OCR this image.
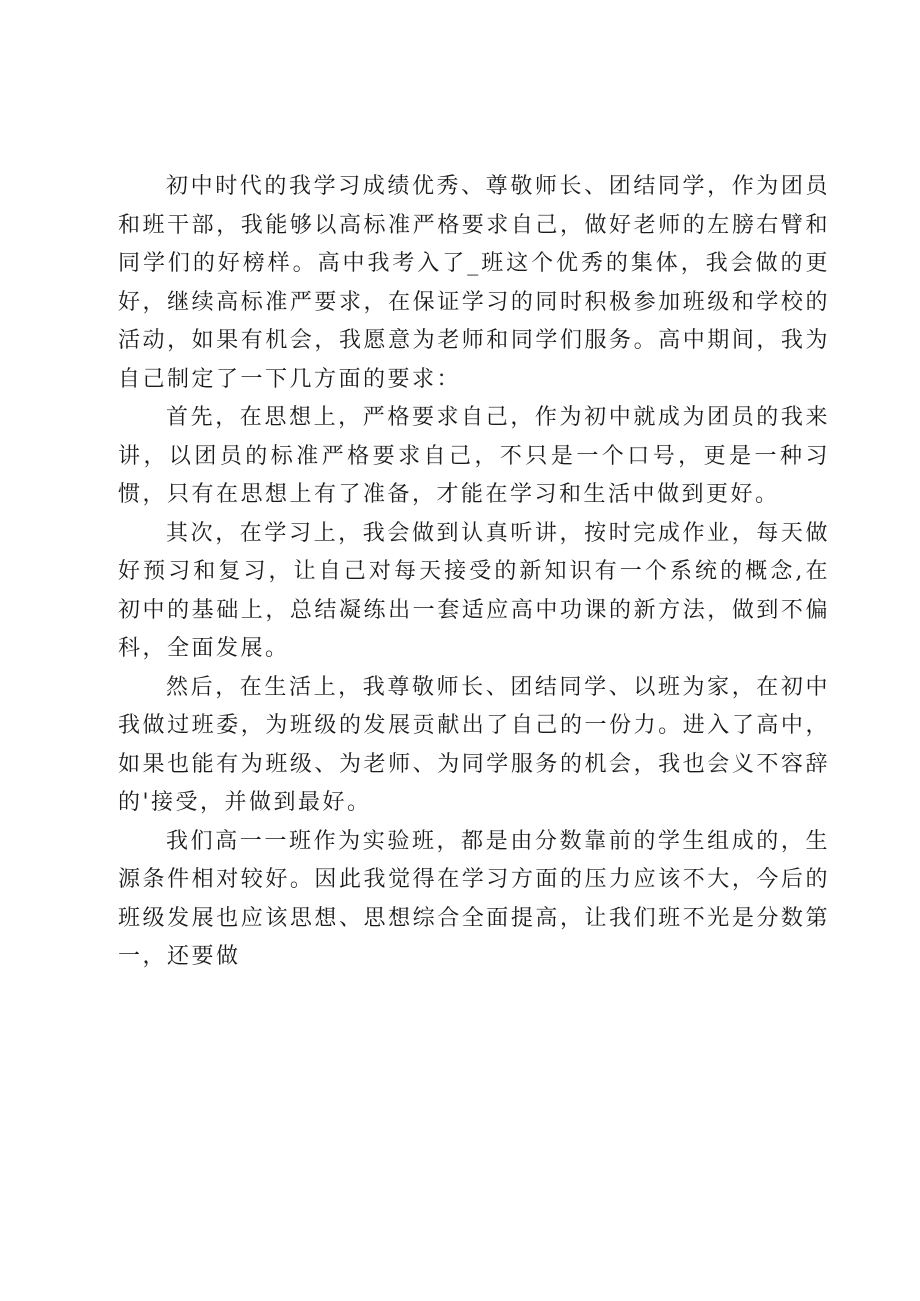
初中时代的我学习成绩优秀、尊敬师长、团结同学，作为团员和班干部，我能够以高标准严格要求自己，做好老师的左膀右臂和同学们的好榜样。高中我考入了_班这个优秀的集体，我会做的更好，继续高标准严要求，在保证学习的同时积极参加班级和学校的活动，如果有机会，我愿意为老师和同学们服务。高中期间，我为自己制定了一下几方面的要求：

首先，在思想上，严格要求自己，作为初中就成为团员的我来讲，以团员的标准严格要求自己，不只是一个口号，更是一种习惯，只有在思想上有了准备，才能在学习和生活中做到更好。

其次，在学习上，我会做到认真听讲，按时完成作业，每天做好预习和复习，让自己对每天接受的新知识有一个系统的概念,在初中的基础上，总结凝练出一套适应高中功课的新方法，做到不偏科，全面发展。

然后，在生活上，我尊敬师长、团结同学、以班为家，在初中我做过班委，为班级的发展贡献出了自己的一份力。进入了高中，如果也能有为班级、为老师、为同学服务的机会，我也会义不容辞的'接受，并做到最好。

我们高一一班作为实验班，都是由分数靠前的学生组成的，生源条件相对较好。因此我觉得在学习方面的压力应该不大，今后的班级发展也应该思想、思想综合全面提高，让我们班不光是分数第一，还要做
